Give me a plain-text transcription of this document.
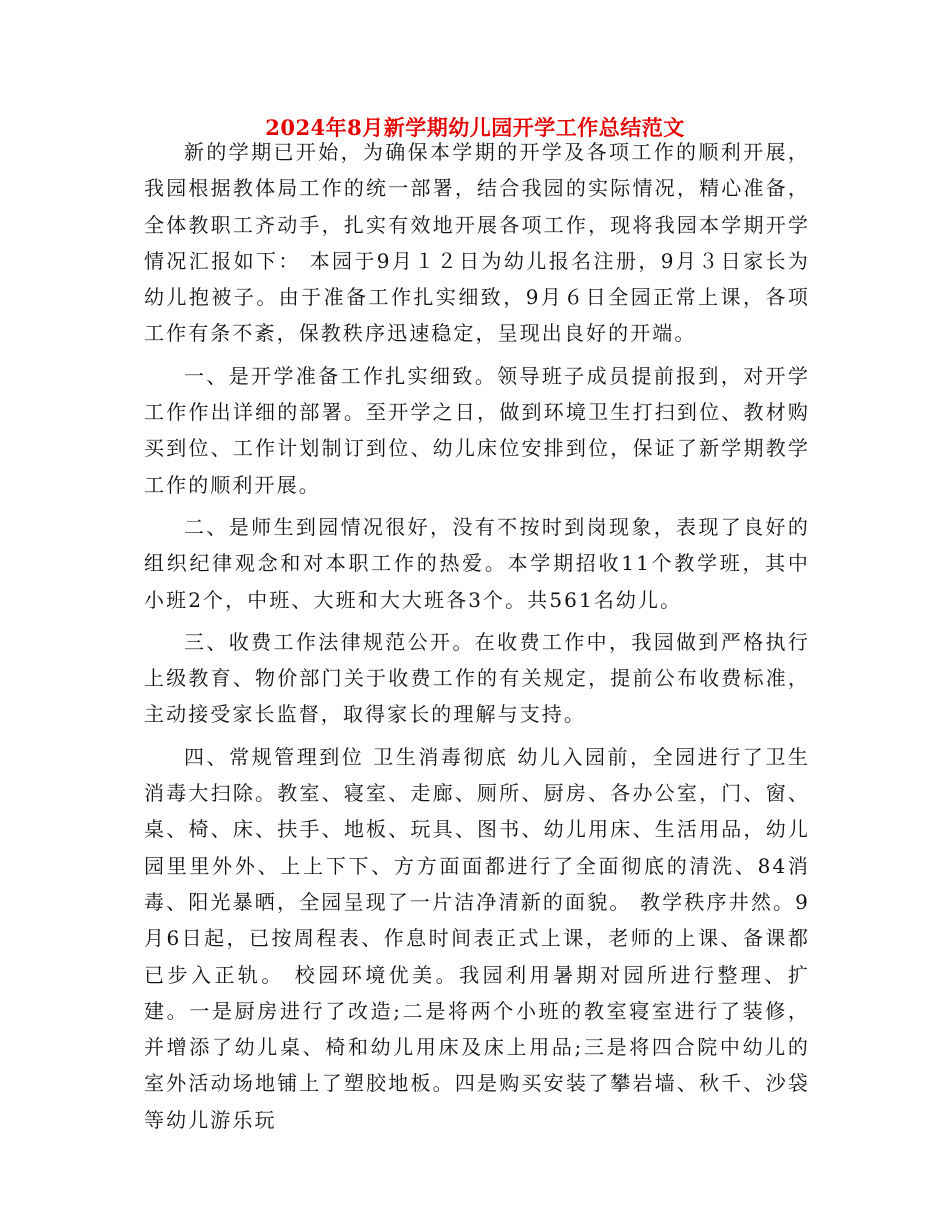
2024年8月新学期幼儿园开学工作总结范文

新的学期已开始，为确保本学期的开学及各项工作的顺利开展，我园根据教体局工作的统一部署，结合我园的实际情况，精心准备，全体教职工齐动手，扎实有效地开展各项工作，现将我园本学期开学情况汇报如下： 本园于9月１２日为幼儿报名注册，9月３日家长为幼儿抱被子。由于准备工作扎实细致，9月６日全园正常上课，各项工作有条不紊，保教秩序迅速稳定，呈现出良好的开端。

一、是开学准备工作扎实细致。领导班子成员提前报到，对开学工作作出详细的部署。至开学之日，做到环境卫生打扫到位、教材购买到位、工作计划制订到位、幼儿床位安排到位，保证了新学期教学工作的顺利开展。

二、是师生到园情况很好，没有不按时到岗现象，表现了良好的组织纪律观念和对本职工作的热爱。本学期招收11个教学班，其中小班2个，中班、大班和大大班各3个。共561名幼儿。

三、收费工作法律规范公开。在收费工作中，我园做到严格执行上级教育、物价部门关于收费工作的有关规定，提前公布收费标准，主动接受家长监督，取得家长的理解与支持。

四、常规管理到位 卫生消毒彻底 幼儿入园前，全园进行了卫生消毒大扫除。教室、寝室、走廊、厕所、厨房、各办公室，门、窗、桌、椅、床、扶手、地板、玩具、图书、幼儿用床、生活用品，幼儿园里里外外、上上下下、方方面面都进行了全面彻底的清洗、84消毒、阳光暴晒，全园呈现了一片洁净清新的面貌。 教学秩序井然。9月6日起，已按周程表、作息时间表正式上课，老师的上课、备课都已步入正轨。 校园环境优美。我园利用暑期对园所进行整理、扩建。一是厨房进行了改造;二是将两个小班的教室寝室进行了装修，并增添了幼儿桌、椅和幼儿用床及床上用品;三是将四合院中幼儿的室外活动场地铺上了塑胶地板。四是购买安装了攀岩墙、秋千、沙袋等幼儿游乐玩
